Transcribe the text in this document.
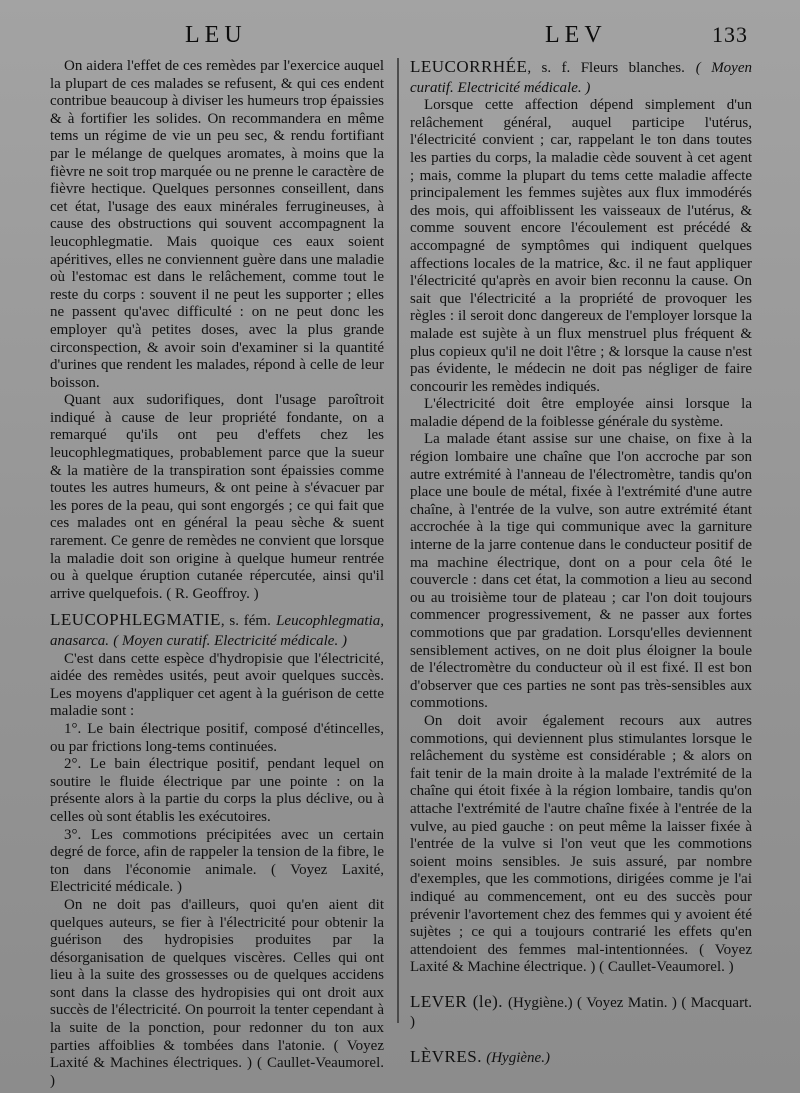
LEU	LEV	133

On aidera l'effet de ces remèdes par l'exercice auquel la plupart de ces malades se refusent, & qui ces endent contribue beaucoup à diviser les humeurs trop épaissies & à fortifier les solides. On recommandera en même tems un régime de vie un peu sec, & rendu fortifiant par le mélange de quelques aromates, à moins que la fièvre ne soit trop marquée ou ne prenne le caractère de fièvre hectique. Quelques personnes conseillent, dans cet état, l'usage des eaux minérales ferrugineuses, à cause des obstructions qui souvent accompagnent la leucophlegmatie. Mais quoique ces eaux soient apéritives, elles ne conviennent guère dans une maladie où l'estomac est dans le relâchement, comme tout le reste du corps : souvent il ne peut les supporter ; elles ne passent qu'avec difficulté : on ne peut donc les employer qu'à petites doses, avec la plus grande circonspection, & avoir soin d'examiner si la quantité d'urines que rendent les malades, répond à celle de leur boisson.

Quant aux sudorifiques, dont l'usage paroîtroit indiqué à cause de leur propriété fondante, on a remarqué qu'ils ont peu d'effets chez les leucophlegmatiques, probablement parce que la sueur & la matière de la transpiration sont épaissies comme toutes les autres humeurs, & ont peine à s'évacuer par les pores de la peau, qui sont engorgés ; ce qui fait que ces malades ont en général la peau sèche & suent rarement. Ce genre de remèdes ne convient que lorsque la maladie doit son origine à quelque humeur rentrée ou à quelque éruption cutanée répercutée, ainsi qu'il arrive quelquefois. ( R. Geoffroy. )

LEUCOPHLEGMATIE, s. fém. Leucophlegmatia, anasarca. ( Moyen curatif. Electricité médicale. )

C'est dans cette espèce d'hydropisie que l'électricité, aidée des remèdes usités, peut avoir quelques succès. Les moyens d'appliquer cet agent à la guérison de cette maladie sont :

1°. Le bain électrique positif, composé d'étincelles, ou par frictions long-tems continuées.

2°. Le bain électrique positif, pendant lequel on soutire le fluide électrique par une pointe : on la présente alors à la partie du corps la plus déclive, ou à celles où sont établis les exécutoires.

3°. Les commotions précipitées avec un certain degré de force, afin de rappeler la tension de la fibre, le ton dans l'économie animale. ( Voyez Laxité, Electricité médicale. )

On ne doit pas d'ailleurs, quoi qu'en aient dit quelques auteurs, se fier à l'électricité pour obtenir la guérison des hydropisies produites par la désorganisation de quelques viscères. Celles qui ont lieu à la suite des grossesses ou de quelques accidens sont dans la classe des hydropisies qui ont droit aux succès de l'électricité. On pourroit la tenter cependant à la suite de la ponction, pour redonner du ton aux parties affoiblies & tombées dans l'atonie. ( Voyez Laxité & Machines électriques. ) ( Caullet-Veaumorel. )

LEUCORRHÉE, s. f. Fleurs blanches. ( Moyen curatif. Electricité médicale. )

Lorsque cette affection dépend simplement d'un relâchement général, auquel participe l'utérus, l'électricité convient ; car, rappelant le ton dans toutes les parties du corps, la maladie cède souvent à cet agent ; mais, comme la plupart du tems cette maladie affecte principalement les femmes sujètes aux flux immodérés des mois, qui affoiblissent les vaisseaux de l'utérus, & comme souvent encore l'écoulement est précédé & accompagné de symptômes qui indiquent quelques affections locales de la matrice, &c. il ne faut appliquer l'électricité qu'après en avoir bien reconnu la cause. On sait que l'électricité a la propriété de provoquer les règles : il seroit donc dangereux de l'employer lorsque la malade est sujète à un flux menstruel plus fréquent & plus copieux qu'il ne doit l'être ; & lorsque la cause n'est pas évidente, le médecin ne doit pas négliger de faire concourir les remèdes indiqués.

L'électricité doit être employée ainsi lorsque la maladie dépend de la foiblesse générale du système.

La malade étant assise sur une chaise, on fixe à la région lombaire une chaîne que l'on accroche par son autre extrémité à l'anneau de l'électromètre, tandis qu'on place une boule de métal, fixée à l'extrémité d'une autre chaîne, à l'entrée de la vulve, son autre extrémité étant accrochée à la tige qui communique avec la garniture interne de la jarre contenue dans le conducteur positif de ma machine électrique, dont on a pour cela ôté le couvercle : dans cet état, la commotion a lieu au second ou au troisième tour de plateau ; car l'on doit toujours commencer progressivement, & ne passer aux fortes commotions que par gradation. Lorsqu'elles deviennent sensiblement actives, on ne doit plus éloigner la boule de l'électromètre du conducteur où il est fixé. Il est bon d'observer que ces parties ne sont pas très-sensibles aux commotions.

On doit avoir également recours aux autres commotions, qui deviennent plus stimulantes lorsque le relâchement du système est considérable ; & alors on fait tenir de la main droite à la malade l'extrémité de la chaîne qui étoit fixée à la région lombaire, tandis qu'on attache l'extrémité de l'autre chaîne fixée à l'entrée de la vulve, au pied gauche : on peut même la laisser fixée à l'entrée de la vulve si l'on veut que les commotions soient moins sensibles. Je suis assuré, par nombre d'exemples, que les commotions, dirigées comme je l'ai indiqué au commencement, ont eu des succès pour prévenir l'avortement chez des femmes qui y avoient été sujètes ; ce qui a toujours contrarié les effets qu'en attendoient des femmes mal-intentionnées. ( Voyez Laxité & Machine électrique. ) ( Caullet-Veaumorel. )

LEVER (le). (Hygiène.) ( Voyez Matin. ) ( Macquart. )

LÈVRES. (Hygiène.)
